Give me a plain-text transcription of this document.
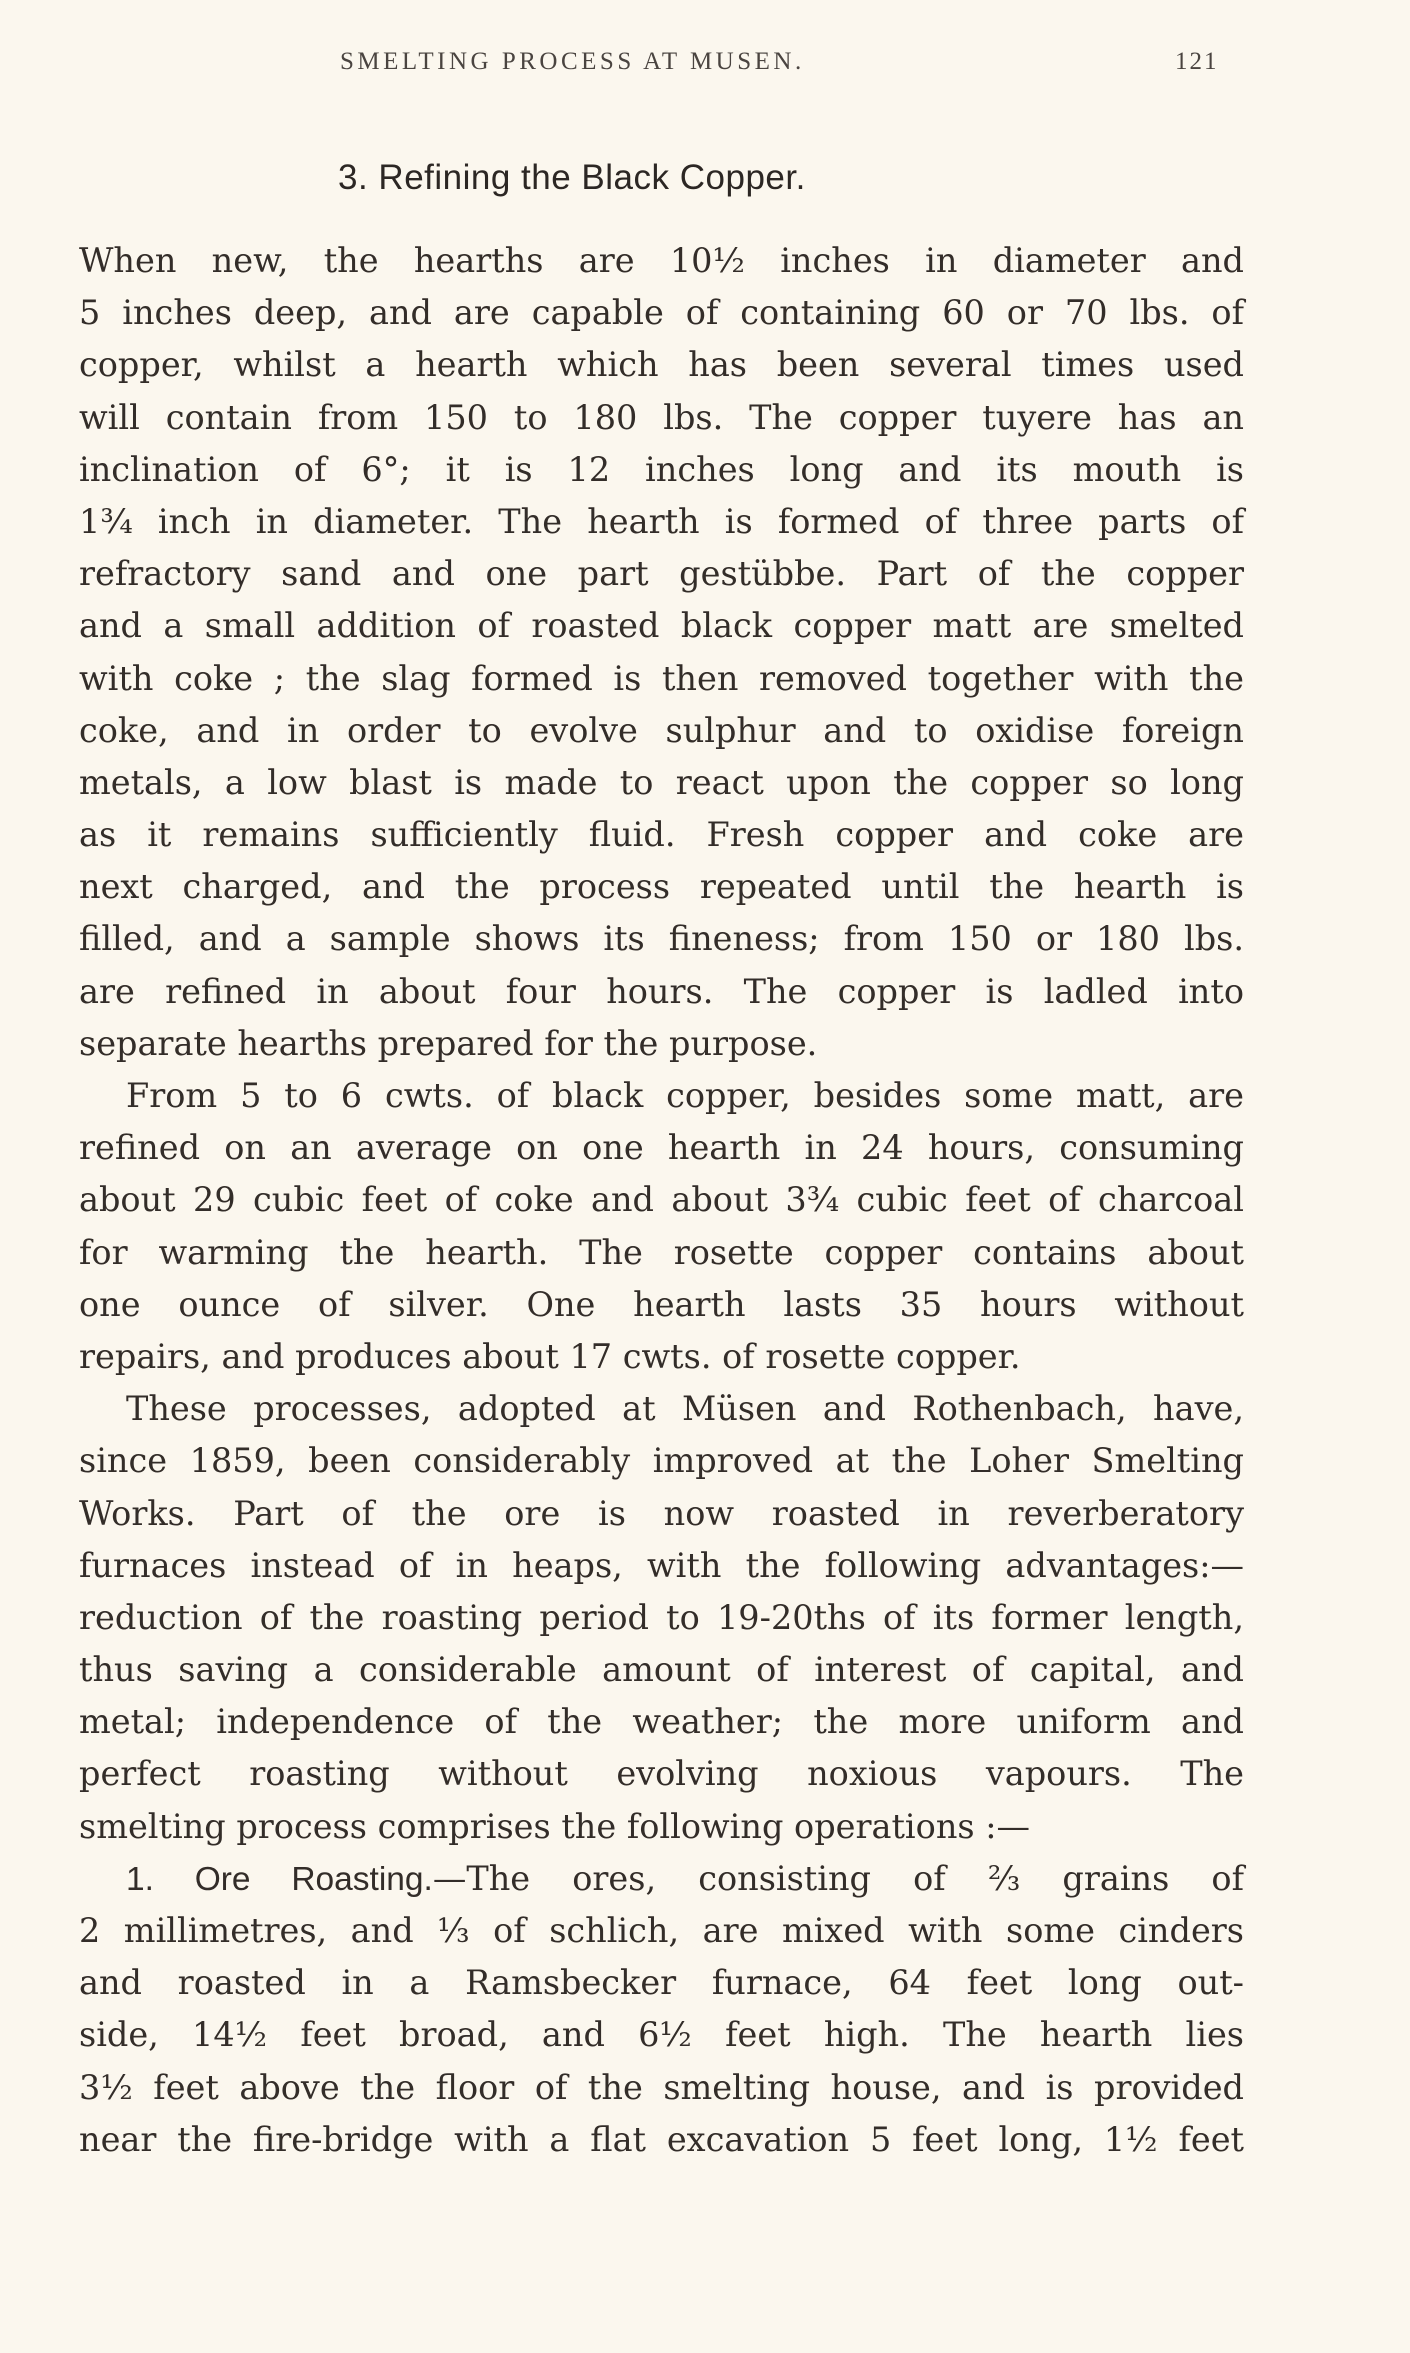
SMELTING PROCESS AT MUSEN.	121
3. Refining the Black Copper.
When new, the hearths are 10½ inches in diameter and
5 inches deep, and are capable of containing 60 or 70 lbs. of
copper, whilst a hearth which has been several times used
will contain from 150 to 180 lbs. The copper tuyere has an
inclination of 6°; it is 12 inches long and its mouth is
1¾ inch in diameter. The hearth is formed of three parts of
refractory sand and one part gestübbe. Part of the copper
and a small addition of roasted black copper matt are smelted
with coke ; the slag formed is then removed together with the
coke, and in order to evolve sulphur and to oxidise foreign
metals, a low blast is made to react upon the copper so long
as it remains sufficiently fluid. Fresh copper and coke are
next charged, and the process repeated until the hearth is
filled, and a sample shows its fineness; from 150 or 180 lbs.
are refined in about four hours. The copper is ladled into
separate hearths prepared for the purpose.
From 5 to 6 cwts. of black copper, besides some matt, are
refined on an average on one hearth in 24 hours, consuming
about 29 cubic feet of coke and about 3¾ cubic feet of charcoal
for warming the hearth. The rosette copper contains about
one ounce of silver. One hearth lasts 35 hours without
repairs, and produces about 17 cwts. of rosette copper.
These processes, adopted at Müsen and Rothenbach, have,
since 1859, been considerably improved at the Loher Smelting
Works. Part of the ore is now roasted in reverberatory
furnaces instead of in heaps, with the following advantages:—
reduction of the roasting period to 19-20ths of its former length,
thus saving a considerable amount of interest of capital, and
metal; independence of the weather; the more uniform and
perfect roasting without evolving noxious vapours. The
smelting process comprises the following operations :—
1. Ore Roasting.—The ores, consisting of ⅔ grains of
2 millimetres, and ⅓ of schlich, are mixed with some cinders
and roasted in a Ramsbecker furnace, 64 feet long out-
side, 14½ feet broad, and 6½ feet high. The hearth lies
3½ feet above the floor of the smelting house, and is provided
near the fire-bridge with a flat excavation 5 feet long, 1½ feet
